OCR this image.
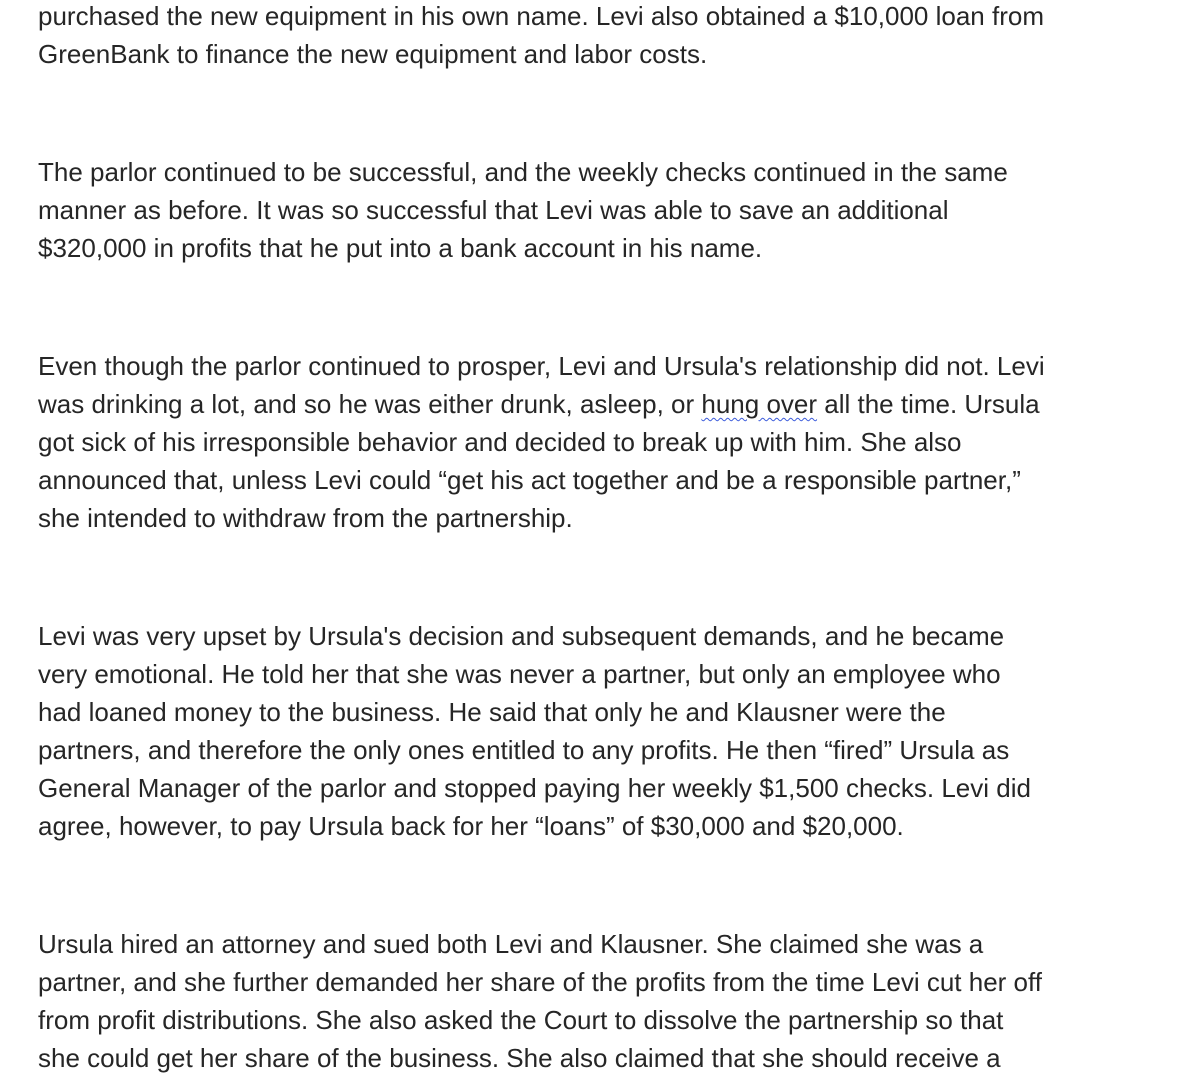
purchased the new equipment in his own name. Levi also obtained a $10,000 loan from
GreenBank to finance the new equipment and labor costs.

The parlor continued to be successful, and the weekly checks continued in the same
manner as before. It was so successful that Levi was able to save an additional
$320,000 in profits that he put into a bank account in his name.

Even though the parlor continued to prosper, Levi and Ursula's relationship did not. Levi
was drinking a lot, and so he was either drunk, asleep, or hung over all the time. Ursula
got sick of his irresponsible behavior and decided to break up with him. She also
announced that, unless Levi could “get his act together and be a responsible partner,”
she intended to withdraw from the partnership.

Levi was very upset by Ursula's decision and subsequent demands, and he became
very emotional. He told her that she was never a partner, but only an employee who
had loaned money to the business. He said that only he and Klausner were the
partners, and therefore the only ones entitled to any profits. He then “fired” Ursula as
General Manager of the parlor and stopped paying her weekly $1,500 checks. Levi did
agree, however, to pay Ursula back for her “loans” of $30,000 and $20,000.

Ursula hired an attorney and sued both Levi and Klausner. She claimed she was a
partner, and she further demanded her share of the profits from the time Levi cut her off
from profit distributions. She also asked the Court to dissolve the partnership so that
she could get her share of the business. She also claimed that she should receive a
